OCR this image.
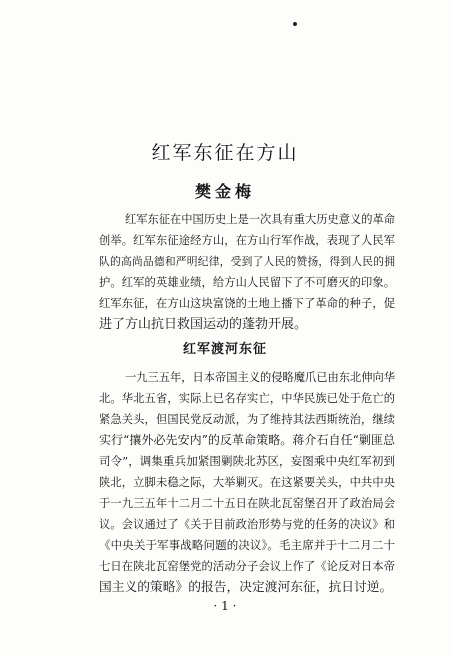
红军东征在方山
樊金梅
红军东征在中国历史上是一次具有重大历史意义的革命
创举。红军东征途经方山，在方山行军作战，表现了人民军
队的高尚品德和严明纪律，受到了人民的赞扬，得到人民的拥
护。红军的英雄业绩，给方山人民留下了不可磨灭的印象。
红军东征，在方山这块富饶的土地上播下了革命的种子，促
进了方山抗日救国运动的蓬勃开展。
红军渡河东征
一九三五年，日本帝国主义的侵略魔爪已由东北伸向华
北。华北五省，实际上已名存实亡，中华民族已处于危亡的
紧急关头，但国民党反动派，为了维持其法西斯统治，继续
实行“攘外必先安内”的反革命策略。蒋介石自任“剿匪总
司令”，调集重兵加紧围剿陕北苏区，妄图乘中央红军初到
陕北，立脚未稳之际，大举剿灭。在这紧要关头，中共中央
于一九三五年十二月二十五日在陕北瓦窑堡召开了政治局会
议。会议通过了《关于目前政治形势与党的任务的决议》和
《中央关于军事战略问题的决议》。毛主席并于十二月二十
七日在陕北瓦窑堡党的活动分子会议上作了《论反对日本帝
国主义的策略》的报告，决定渡河东征，抗日讨逆。
· 1 ·
